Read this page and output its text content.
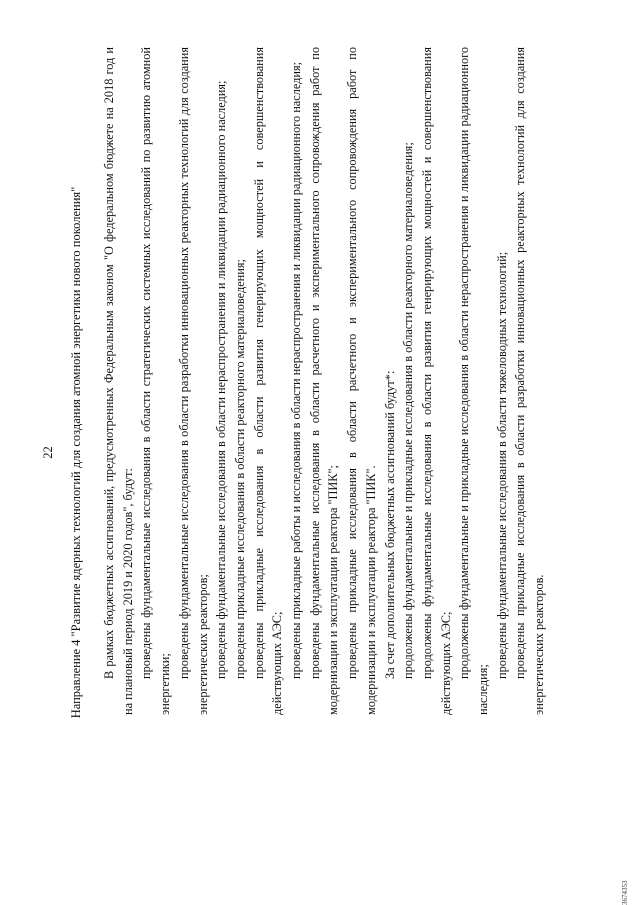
22 Направление 4 "Развитие ядерных технологий для создания атомной энергетики нового поколения" В рамках бюджетных ассигнований, предусмотренных Федеральным законом "О федеральном бюджете на 2018 год и на плановый период 2019 и 2020 годов", будут: проведены фундаментальные исследования в области стратегических системных исследований по развитию атомной энергетики;

проведены фундаментальные исследования в области разработки инновационных реакторных технологий для создания энергетических реакторов; проведены фундаментальные исследования в области нераспространения и ликвидации радиационного наследия; проведены прикладные исследования в области реакторного материаловедения; проведены прикладные исследования в области развития генерирующих мощностей и совершенствования действующих АЭС; проведены прикладные работы и исследования в области нераспространения и ликвидации радиационного наследия; проведены фундаментальные исследования в области расчетного и экспериментального сопровождения работ по модернизации и эксплуатации реактора "ПИК"; проведены прикладные исследования в области расчетного и экспериментального сопровождения работ по модернизации и эксплуатации реактора "ПИК". За счет дополнительных бюджетных ассигнований будут*: продолжены фундаментальные и прикладные исследования в области реакторного материаловедения; продолжены фундаментальные исследования в области развития генерирующих мощностей и совершенствования действующих АЭС; продолжены фундаментальные и прикладные исследования в области нераспространения и ликвидации радиационного наследия;

проведены фундаментальные исследования в области тяжеловодных технологий; проведены прикладные исследования в области разработки инновационных реакторных технологий для создания энергетических реакторов.

3674353
